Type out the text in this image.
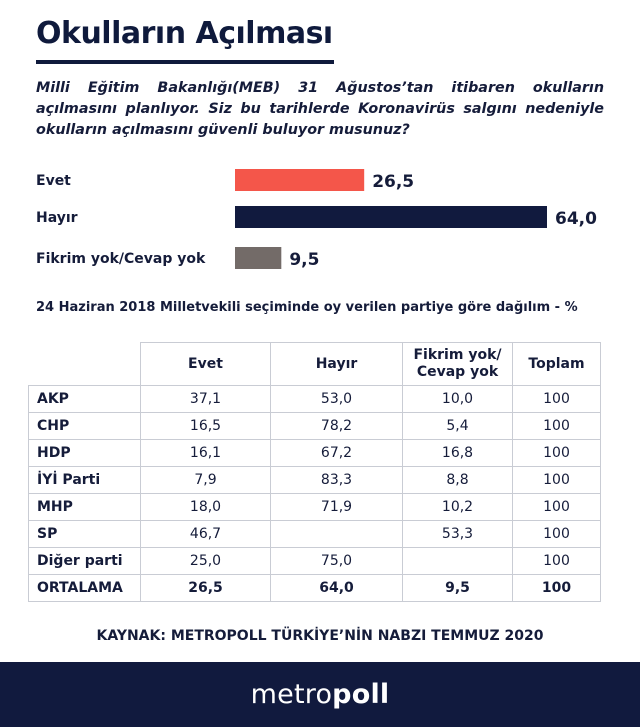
Okulların Açılması
Milli Eğitim Bakanlığı(MEB) 31 Ağustos’tan itibaren okulların açılmasını planlıyor. Siz bu tarihlerde Koronavirüs salgını nedeniyle okulların açılmasını güvenli buluyor musunuz?
Evet	26,5
Hayır	64,0
Fikrim yok/Cevap yok	9,5
24 Haziran 2018 Milletvekili seçiminde oy verilen partiye göre dağılım - %
	Evet	Hayır	Fikrim yok/ Cevap yok	Toplam
AKP	37,1	53,0	10,0	100
CHP	16,5	78,2	5,4	100
HDP	16,1	67,2	16,8	100
İYİ Parti	7,9	83,3	8,8	100
MHP	18,0	71,9	10,2	100
SP	46,7		53,3	100
Diğer parti	25,0	75,0		100
ORTALAMA	26,5	64,0	9,5	100
KAYNAK: METROPOLL TÜRKİYE’NİN NABZI TEMMUZ 2020
metropoll
